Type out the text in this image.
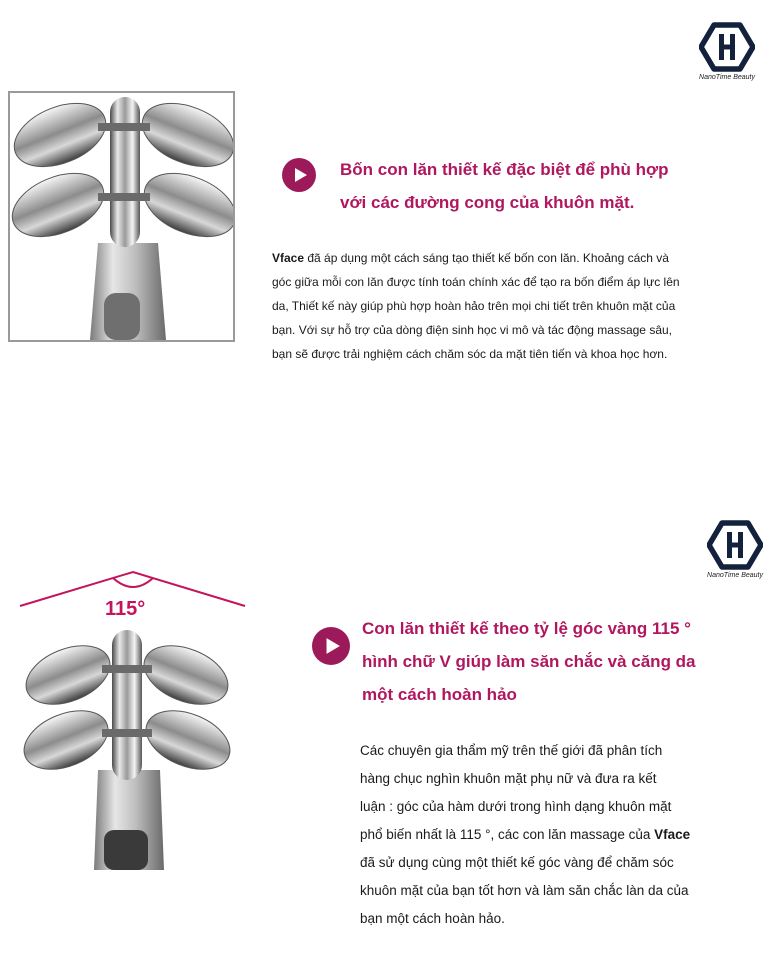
NanoTime Beauty
Bốn con lăn thiết kế đặc biệt để phù hợp
với các đường cong của khuôn mặt.
Vface đã áp dụng một cách sáng tạo thiết kế bốn con lăn. Khoảng cách và
góc giữa mỗi con lăn được tính toán chính xác để tạo ra bốn điểm áp lực lên
da, Thiết kế này giúp phù hợp hoàn hảo trên mọi chi tiết trên khuôn mặt của
bạn. Với sự hỗ trợ của dòng điện sinh học vi mô và tác động massage sâu,
bạn sẽ được trải nghiệm cách chăm sóc da mặt tiên tiến và khoa học hơn.
NanoTime Beauty
115°
Con lăn thiết kế theo tỷ lệ góc vàng 115 °
hình chữ V giúp làm săn chắc và căng da
một cách hoàn hảo
Các chuyên gia thẩm mỹ trên thế giới đã phân tích
hàng chục nghìn khuôn mặt phụ nữ và đưa ra kết
luận : góc của hàm dưới trong hình dạng khuôn mặt
phổ biến nhất là 115 °, các con lăn massage của Vface
đã sử dụng cùng một thiết kế góc vàng để chăm sóc
khuôn mặt của bạn tốt hơn và làm săn chắc làn da của
bạn một cách hoàn hảo.
